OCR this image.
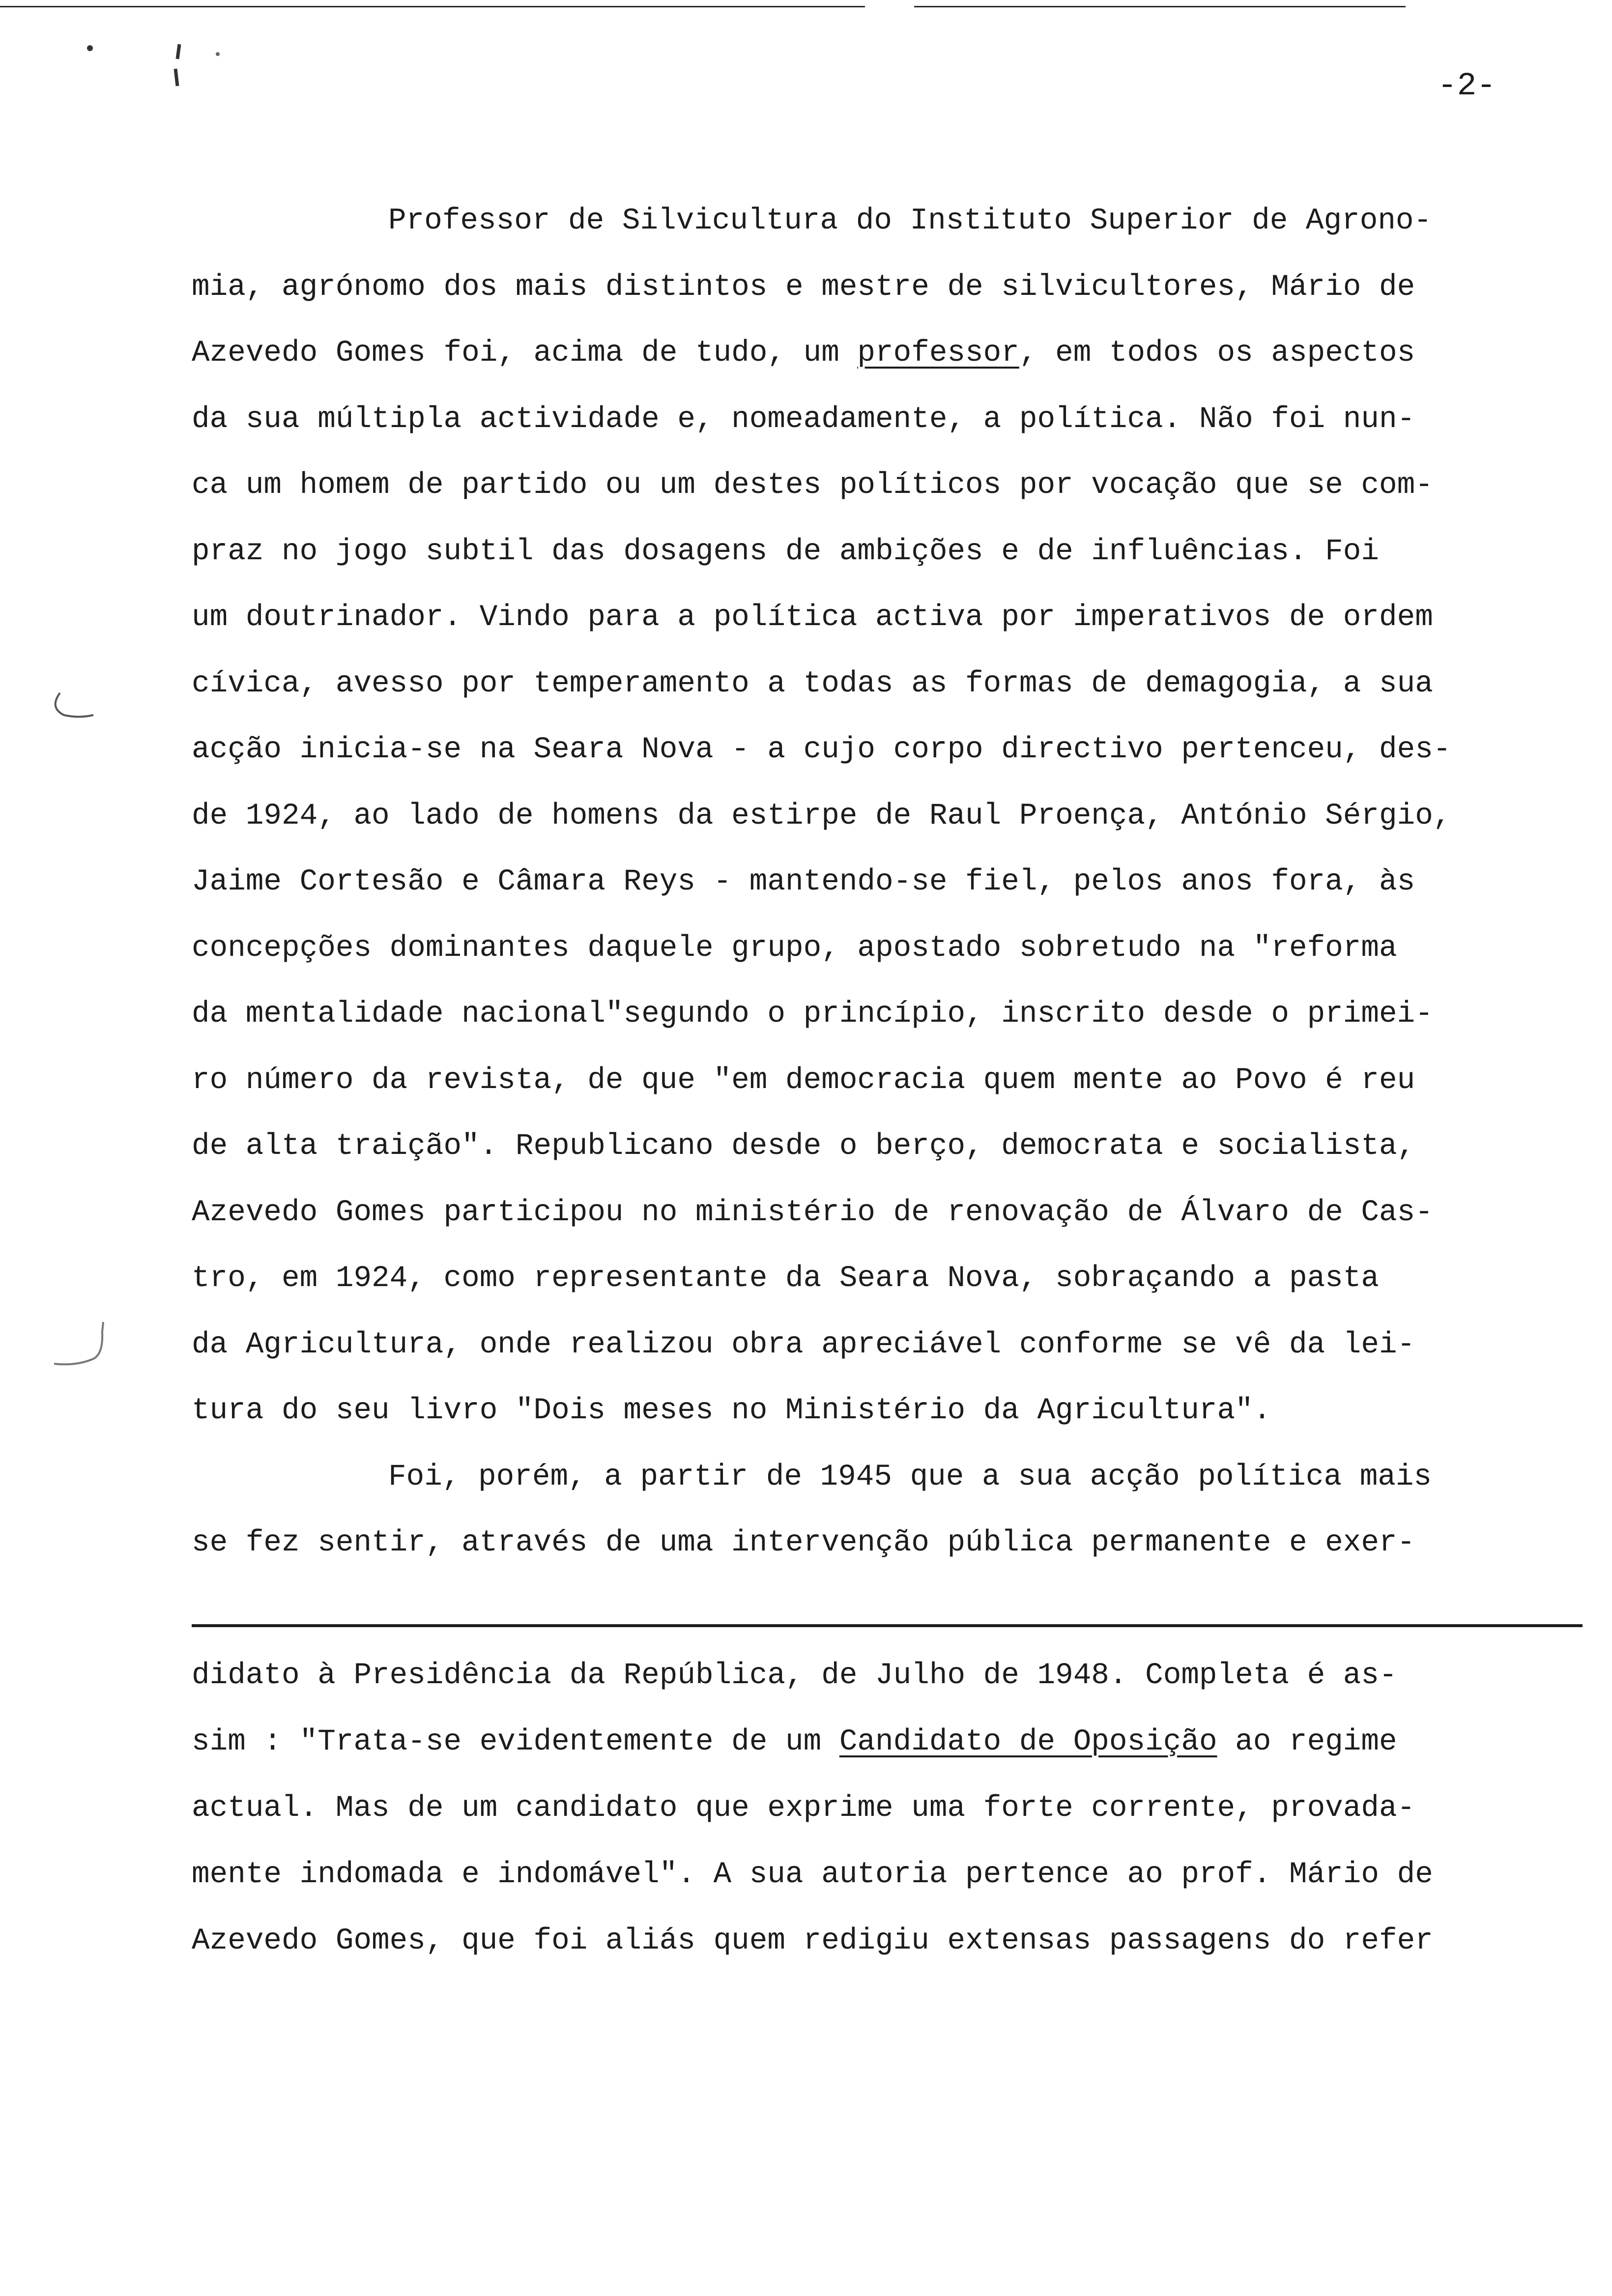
-2-
Professor de Silvicultura do Instituto Superior de Agrono-
mia, agrónomo dos mais distintos e mestre de silvicultores, Mário de
Azevedo Gomes foi, acima de tudo, um professor, em todos os aspectos
da sua múltipla actividade e, nomeadamente, a política. Não foi nun-
ca um homem de partido ou um destes políticos por vocação que se com-
praz no jogo subtil das dosagens de ambições e de influências. Foi
um doutrinador. Vindo para a política activa por imperativos de ordem
cívica, avesso por temperamento a todas as formas de demagogia, a sua
acção inicia-se na Seara Nova - a cujo corpo directivo pertenceu, des-
de 1924, ao lado de homens da estirpe de Raul Proença, António Sérgio,
Jaime Cortesão e Câmara Reys - mantendo-se fiel, pelos anos fora, às
concepções dominantes daquele grupo, apostado sobretudo na "reforma
da mentalidade nacional"segundo o princípio, inscrito desde o primei-
ro número da revista, de que "em democracia quem mente ao Povo é reu
de alta traição". Republicano desde o berço, democrata e socialista,
Azevedo Gomes participou no ministério de renovação de Álvaro de Cas-
tro, em 1924, como representante da Seara Nova, sobraçando a pasta
da Agricultura, onde realizou obra apreciável conforme se vê da lei-
tura do seu livro "Dois meses no Ministério da Agricultura".
Foi, porém, a partir de 1945 que a sua acção política mais
se fez sentir, através de uma intervenção pública permanente e exer-
didato à Presidência da República, de Julho de 1948. Completa é as-
sim : "Trata-se evidentemente de um Candidato de Oposição ao regime
actual. Mas de um candidato que exprime uma forte corrente, provada-
mente indomada e indomável". A sua autoria pertence ao prof. Mário de
Azevedo Gomes, que foi aliás quem redigiu extensas passagens do refer
